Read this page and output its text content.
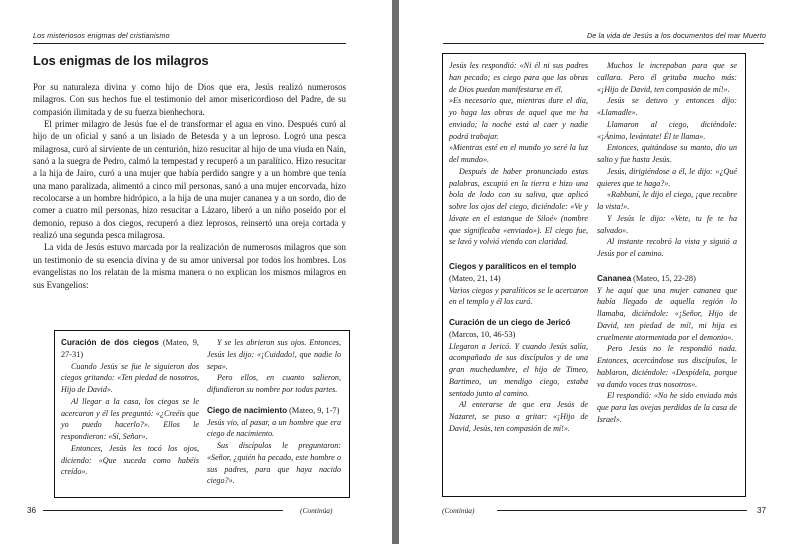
Los misteriosos enigmas del cristianismo
Los enigmas de los milagros

Por su naturaleza divina y como hijo de Dios que era, Jesús realizó numerosos milagros. Con sus hechos fue el testimonio del amor misericordioso del Padre, de su compasión ilimitada y de su fuerza bienhechora.

El primer milagro de Jesús fue el de transformar el agua en vino. Después curó al hijo de un oficial y sanó a un lisiado de Betesda y a un leproso. Logró una pesca milagrosa, curó al sirviente de un centurión, hizo resucitar al hijo de una viuda en Naín, sanó a la suegra de Pedro, calmó la tempestad y recuperó a un paralítico. Hizo resucitar a la hija de Jairo, curó a una mujer que había perdido sangre y a un hombre que tenía una mano paralizada, alimentó a cinco mil personas, sanó a una mujer encorvada, hizo recolocarse a un hombre hidrópico, a la hija de una mujer cananea y a un sordo, dio de comer a cuatro mil personas, hizo resucitar a Lázaro, liberó a un niño poseído por el demonio, repuso a dos ciegos, recuperó a diez leprosos, reinsertó una oreja cortada y realizó una segunda pesca milagrosa.

La vida de Jesús estuvo marcada por la realización de numerosos milagros que son un testimonio de su esencia divina y de su amor universal por todos los hombres. Los evangelistas no los relatan de la misma manera o no explican los mismos milagros en sus Evangelios:

Curación de dos ciegos (Mateo, 9, 27-31)

Cuando Jesús se fue le siguieron dos ciegos gritando: «Ten piedad de nosotros, Hijo de David».

Al llegar a la casa, los ciegos se le acercaron y él les preguntó: «¿Creéis que yo puedo hacerlo?». Ellos le respondieron: «Sí, Señor».

Entonces, Jesús les tocó los ojos, diciendo: «Que suceda como habéis creído».

Y se les abrieron sus ojos. Entonces, Jesús les dijo: «¡Cuidado!, que nadie lo sepa».

Pero ellos, en cuanto salieron, difundieron su nombre por todas partes.

Ciego de nacimiento (Mateo, 9, 1-7)

Jesús vio, al pasar, a un hombre que era ciego de nacimiento.

Sus discípulos le preguntaron: «Señor, ¿quién ha pecado, este hombre o sus padres, para que haya nacido ciego?».

36	(Continúa)
De la vida de Jesús a los documentos del mar Muerto

Jesús les respondió: «Ni él ni sus padres han pecado; es ciego para que las obras de Dios puedan manifestarse en él.

»Es necesario que, mientras dure el día, yo haga las obras de aquel que me ha enviado; la noche está al caer y nadie podrá trabajar.

»Mientras esté en el mundo yo seré la luz del mundo».

Después de haber pronunciado estas palabras, escupió en la tierra e hizo una bola de lodo con su saliva, que aplicó sobre los ojos del ciego, diciéndole: «Ve y lávate en el estanque de Siloé» (nombre que significaba «enviado»). El ciego fue, se lavó y volvió viendo con claridad.

Ciegos y paralíticos en el templo

(Mateo, 21, 14)

Varios ciegos y paralíticos se le acercaron en el templo y él los curó.

Curación de un ciego de Jericó

(Marcos, 10, 46-53)

Llegaron a Jericó. Y cuando Jesús salía, acompañado de sus discípulos y de una gran muchedumbre, el hijo de Timeo, Bartimeo, un mendigo ciego, estaba sentado junto al camino.

Al enterarse de que era Jesús de Nazaret, se puso a gritar: «¡Hijo de David, Jesús, ten compasión de mí!».

Muchos le increpaban para que se callara. Pero él gritaba mucho más: «¡Hijo de David, ten compasión de mí!».

Jesús se detuvo y entonces dijo: «Llamadle».

Llamaron al ciego, diciéndole: «¡Ánimo, levántate! Él te llama».

Entonces, quitándose su manto, dio un salto y fue hasta Jesús.

Jesús, dirigiéndose a él, le dijo: «¿Qué quieres que te haga?».

«Rabbuní, le dijo el ciego, ¡que recobre la vista!».

Y Jesús le dijo: «Vete, tu fe te ha salvado».

Al instante recobró la vista y siguió a Jesús por el camino.

Cananea (Mateo, 15, 22-28)

Y he aquí que una mujer cananea que había llegado de aquella región lo llamaba, diciéndole: «¡Señor, Hijo de David, ten piedad de mí!, mi hija es cruelmente atormentada por el demonio».

Pero Jesús no le respondió nada. Entonces, acercándose sus discípulos, le hablaron, diciéndole: «Despídela, porque va dando voces tras nosotros».

El respondió: «No he sido enviado más que para las ovejas perdidas de la casa de Israel».

(Continúa)	37
